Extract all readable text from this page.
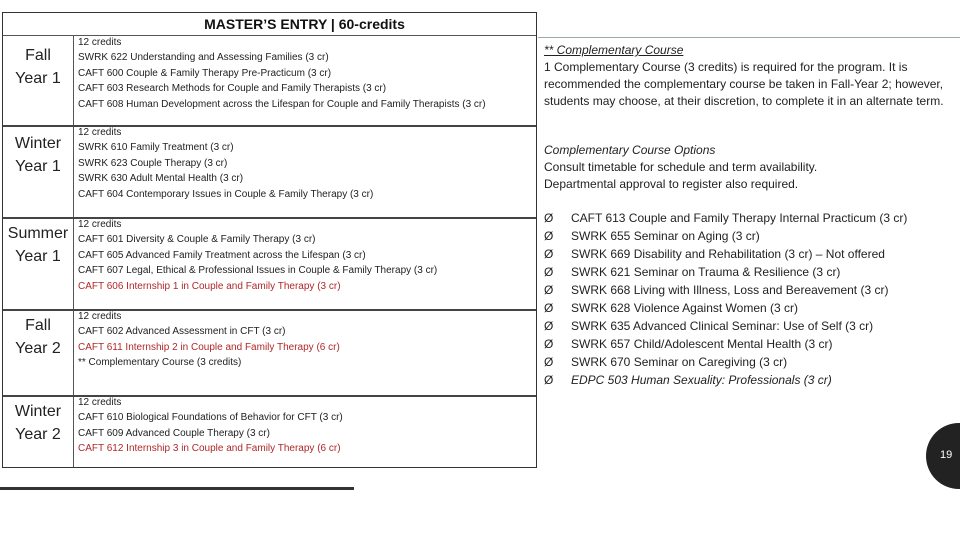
MASTER’S ENTRY | 60-credits
Fall
Year 1
12 credits
SWRK 622 Understanding and Assessing Families (3 cr)
CAFT 600 Couple & Family Therapy Pre-Practicum (3 cr)
CAFT 603 Research Methods for Couple and Family Therapists (3 cr)
CAFT 608 Human Development across the Lifespan for Couple and Family Therapists (3 cr)
Winter
Year 1
12 credits
SWRK 610 Family Treatment (3 cr)
SWRK 623 Couple Therapy (3 cr)
SWRK 630 Adult Mental Health (3 cr)
CAFT 604 Contemporary Issues in Couple & Family Therapy (3 cr)
Summer
Year 1
12 credits
CAFT 601 Diversity & Couple & Family Therapy (3 cr)
CAFT 605 Advanced Family Treatment across the Lifespan (3 cr)
CAFT 607 Legal, Ethical & Professional Issues in Couple & Family Therapy (3 cr)
CAFT 606 Internship 1 in Couple and Family Therapy (3 cr)
Fall
Year 2
12 credits
CAFT 602 Advanced Assessment in CFT (3 cr)
CAFT 611 Internship 2 in Couple and Family Therapy (6 cr)
** Complementary Course (3 credits)
Winter
Year 2
12 credits
CAFT 610 Biological Foundations of Behavior for CFT (3 cr)
CAFT 609 Advanced Couple Therapy (3 cr)
CAFT 612 Internship 3 in Couple and Family Therapy (6 cr)
** Complementary Course
1 Complementary Course (3 credits) is required for the program. It is recommended the complementary course be taken in Fall-Year 2; however, students may choose, at their discretion, to complete it in an alternate term.
Complementary Course Options
Consult timetable for schedule and term availability.
Departmental approval to register also required.
Ø	CAFT 613 Couple and Family Therapy Internal Practicum (3 cr)
Ø	SWRK 655 Seminar on Aging (3 cr)
Ø	SWRK 669 Disability and Rehabilitation (3 cr) – Not offered
Ø	SWRK 621 Seminar on Trauma & Resilience (3 cr)
Ø	SWRK 668 Living with Illness, Loss and Bereavement (3 cr)
Ø	SWRK 628 Violence Against Women (3 cr)
Ø	SWRK 635 Advanced Clinical Seminar: Use of Self (3 cr)
Ø	SWRK 657 Child/Adolescent Mental Health (3 cr)
Ø	SWRK 670 Seminar on Caregiving (3 cr)
Ø	EDPC 503 Human Sexuality: Professionals (3 cr)
19
